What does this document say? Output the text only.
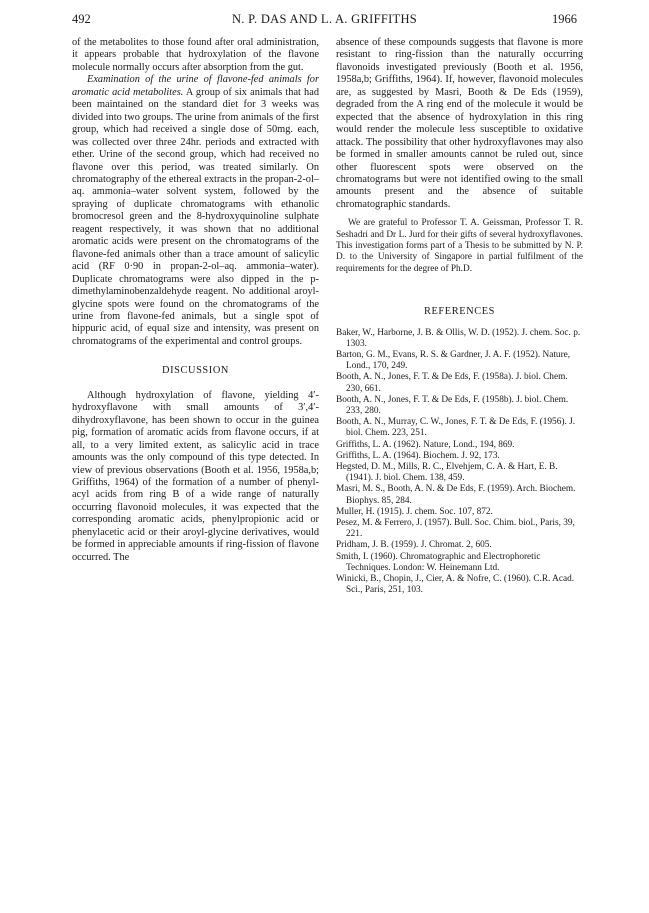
492	N. P. DAS AND L. A. GRIFFITHS	1966

of the metabolites to those found after oral administration, it appears probable that hydroxylation of the flavone molecule normally occurs after absorption from the gut.

Examination of the urine of flavone-fed animals for aromatic acid metabolites. A group of six animals that had been maintained on the standard diet for 3 weeks was divided into two groups. The urine from animals of the first group, which had received a single dose of 50mg. each, was collected over three 24hr. periods and extracted with ether. Urine of the second group, which had received no flavone over this period, was treated similarly. On chromatography of the ethereal extracts in the propan-2-ol–aq. ammonia–water solvent system, followed by the spraying of duplicate chromatograms with ethanolic bromocresol green and the 8-hydroxyquinoline sulphate reagent respectively, it was shown that no additional aromatic acids were present on the chromatograms of the flavone-fed animals other than a trace amount of salicylic acid (RF 0·90 in propan-2-ol–aq. ammonia–water). Duplicate chromatograms were also dipped in the p-dimethylaminobenzaldehyde reagent. No additional aroyl-glycine spots were found on the chromatograms of the urine from flavone-fed animals, but a single spot of hippuric acid, of equal size and intensity, was present on chromatograms of the experimental and control groups.

DISCUSSION

Although hydroxylation of flavone, yielding 4′-hydroxyflavone with small amounts of 3′,4′-dihydroxyflavone, has been shown to occur in the guinea pig, formation of aromatic acids from flavone occurs, if at all, to a very limited extent, as salicylic acid in trace amounts was the only compound of this type detected. In view of previous observations (Booth et al. 1956, 1958a,b; Griffiths, 1964) of the formation of a number of phenyl-acyl acids from ring B of a wide range of naturally occurring flavonoid molecules, it was expected that the corresponding aromatic acids, phenylpropionic acid or phenylacetic acid or their aroyl-glycine derivatives, would be formed in appreciable amounts if ring-fission of flavone occurred. The

absence of these compounds suggests that flavone is more resistant to ring-fission than the naturally occurring flavonoids investigated previously (Booth et al. 1956, 1958a,b; Griffiths, 1964). If, however, flavonoid molecules are, as suggested by Masri, Booth & De Eds (1959), degraded from the A ring end of the molecule it would be expected that the absence of hydroxylation in this ring would render the molecule less susceptible to oxidative attack. The possibility that other hydroxyflavones may also be formed in smaller amounts cannot be ruled out, since other fluorescent spots were observed on the chromatograms but were not identified owing to the small amounts present and the absence of suitable chromatographic standards.

We are grateful to Professor T. A. Geissman, Professor T. R. Seshadri and Dr L. Jurd for their gifts of several hydroxyflavones. This investigation forms part of a Thesis to be submitted by N. P. D. to the University of Singapore in partial fulfilment of the requirements for the degree of Ph.D.

REFERENCES
Baker, W., Harborne, J. B. & Ollis, W. D. (1952). J. chem. Soc. p. 1303.
Barton, G. M., Evans, R. S. & Gardner, J. A. F. (1952). Nature, Lond., 170, 249.
Booth, A. N., Jones, F. T. & De Eds, F. (1958a). J. biol. Chem. 230, 661.
Booth, A. N., Jones, F. T. & De Eds, F. (1958b). J. biol. Chem. 233, 280.
Booth, A. N., Murray, C. W., Jones, F. T. & De Eds, F. (1956). J. biol. Chem. 223, 251.
Griffiths, L. A. (1962). Nature, Lond., 194, 869.
Griffiths, L. A. (1964). Biochem. J. 92, 173.
Hegsted, D. M., Mills, R. C., Elvehjem, C. A. & Hart, E. B. (1941). J. biol. Chem. 138, 459.
Masri, M. S., Booth, A. N. & De Eds, F. (1959). Arch. Biochem. Biophys. 85, 284.
Muller, H. (1915). J. chem. Soc. 107, 872.
Pesez, M. & Ferrero, J. (1957). Bull. Soc. Chim. biol., Paris, 39, 221.
Pridham, J. B. (1959). J. Chromat. 2, 605.
Smith, I. (1960). Chromatographic and Electrophoretic Techniques. London: W. Heinemann Ltd.
Winicki, B., Chopin, J., Cier, A. & Nofre, C. (1960). C.R. Acad. Sci., Paris, 251, 103.
